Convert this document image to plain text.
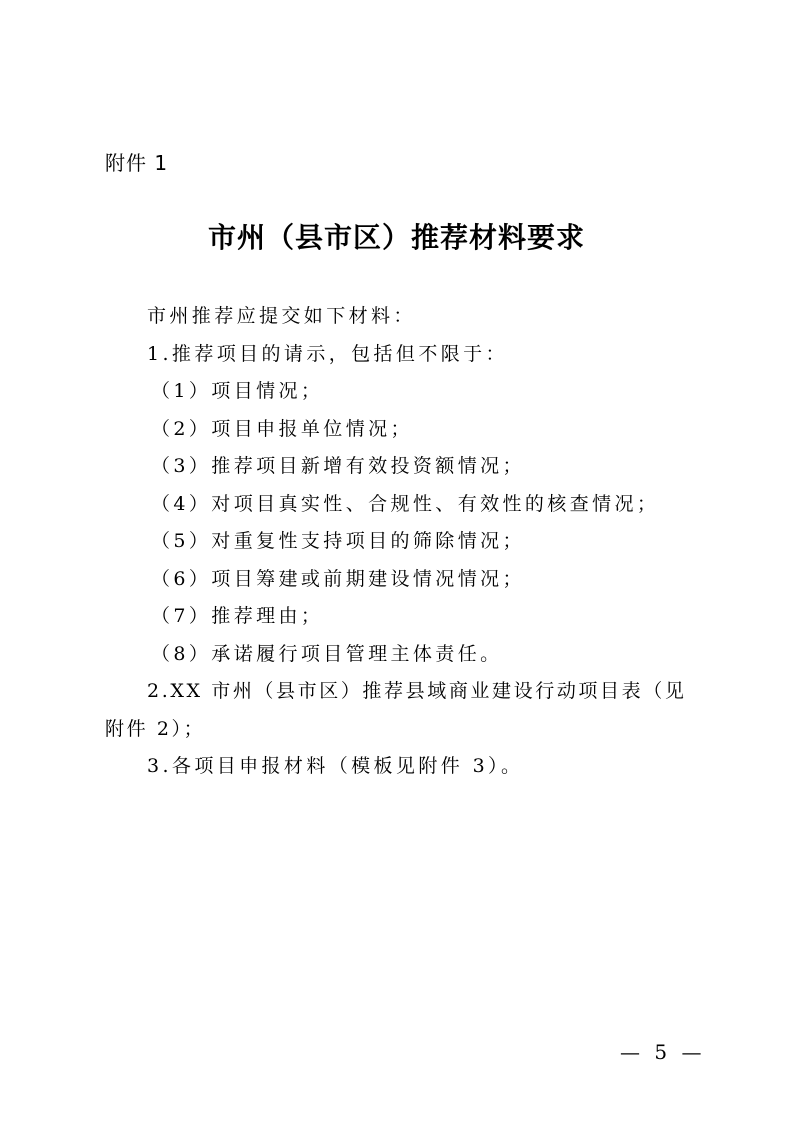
附件 1
市州（县市区）推荐材料要求

市州推荐应提交如下材料：

1.推荐项目的请示，包括但不限于：

（1）项目情况；

（2）项目申报单位情况；

（3）推荐项目新增有效投资额情况；

（4）对项目真实性、合规性、有效性的核查情况；

（5）对重复性支持项目的筛除情况；

（6）项目筹建或前期建设情况情况；

（7）推荐理由；

（8）承诺履行项目管理主体责任。

2.XX 市州（县市区）推荐县域商业建设行动项目表（见附件 2）；

3.各项目申报材料（模板见附件 3）。

— 5 —
